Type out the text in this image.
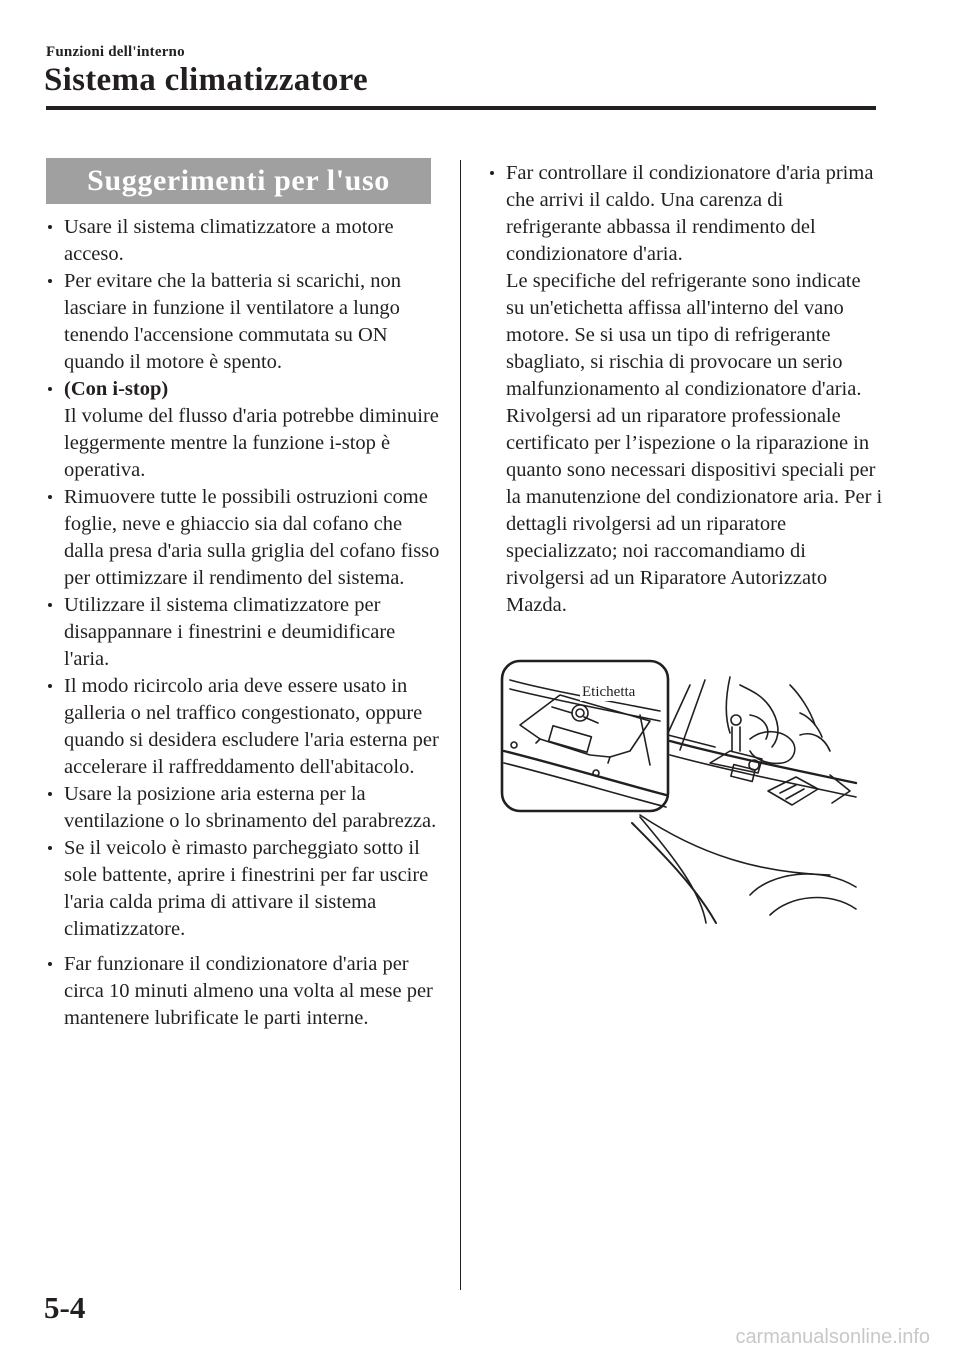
Funzioni dell'interno
Sistema climatizzatore
Suggerimenti per l'uso

Usare il sistema climatizzatore a motore acceso.

Per evitare che la batteria si scarichi, non lasciare in funzione il ventilatore a lungo tenendo l'accensione commutata su ON quando il motore è spento.

(Con i-stop)

Il volume del flusso d'aria potrebbe diminuire leggermente mentre la funzione i-stop è operativa.

Rimuovere tutte le possibili ostruzioni come foglie, neve e ghiaccio sia dal cofano che dalla presa d'aria sulla griglia del cofano fisso per ottimizzare il rendimento del sistema.

Utilizzare il sistema climatizzatore per disappannare i finestrini e deumidificare l'aria.

Il modo ricircolo aria deve essere usato in galleria o nel traffico congestionato, oppure quando si desidera escludere l'aria esterna per accelerare il raffreddamento dell'abitacolo.

Usare la posizione aria esterna per la ventilazione o lo sbrinamento del parabrezza.

Se il veicolo è rimasto parcheggiato sotto il sole battente, aprire i finestrini per far uscire l'aria calda prima di attivare il sistema climatizzatore.

Far funzionare il condizionatore d'aria per circa 10 minuti almeno una volta al mese per mantenere lubrificate le parti interne.

Far controllare il condizionatore d'aria prima che arrivi il caldo. Una carenza di refrigerante abbassa il rendimento del condizionatore d'aria.

Le specifiche del refrigerante sono indicate su un'etichetta affissa all'interno del vano motore. Se si usa un tipo di refrigerante sbagliato, si rischia di provocare un serio malfunzionamento al condizionatore d'aria. Rivolgersi ad un riparatore professionale certificato per l’ispezione o la riparazione in quanto sono necessari dispositivi speciali per la manutenzione del condizionatore aria. Per i dettagli rivolgersi ad un riparatore specializzato; noi raccomandiamo di rivolgersi ad un Riparatore Autorizzato Mazda.

Etichetta
5-4
carmanualsonline.info
